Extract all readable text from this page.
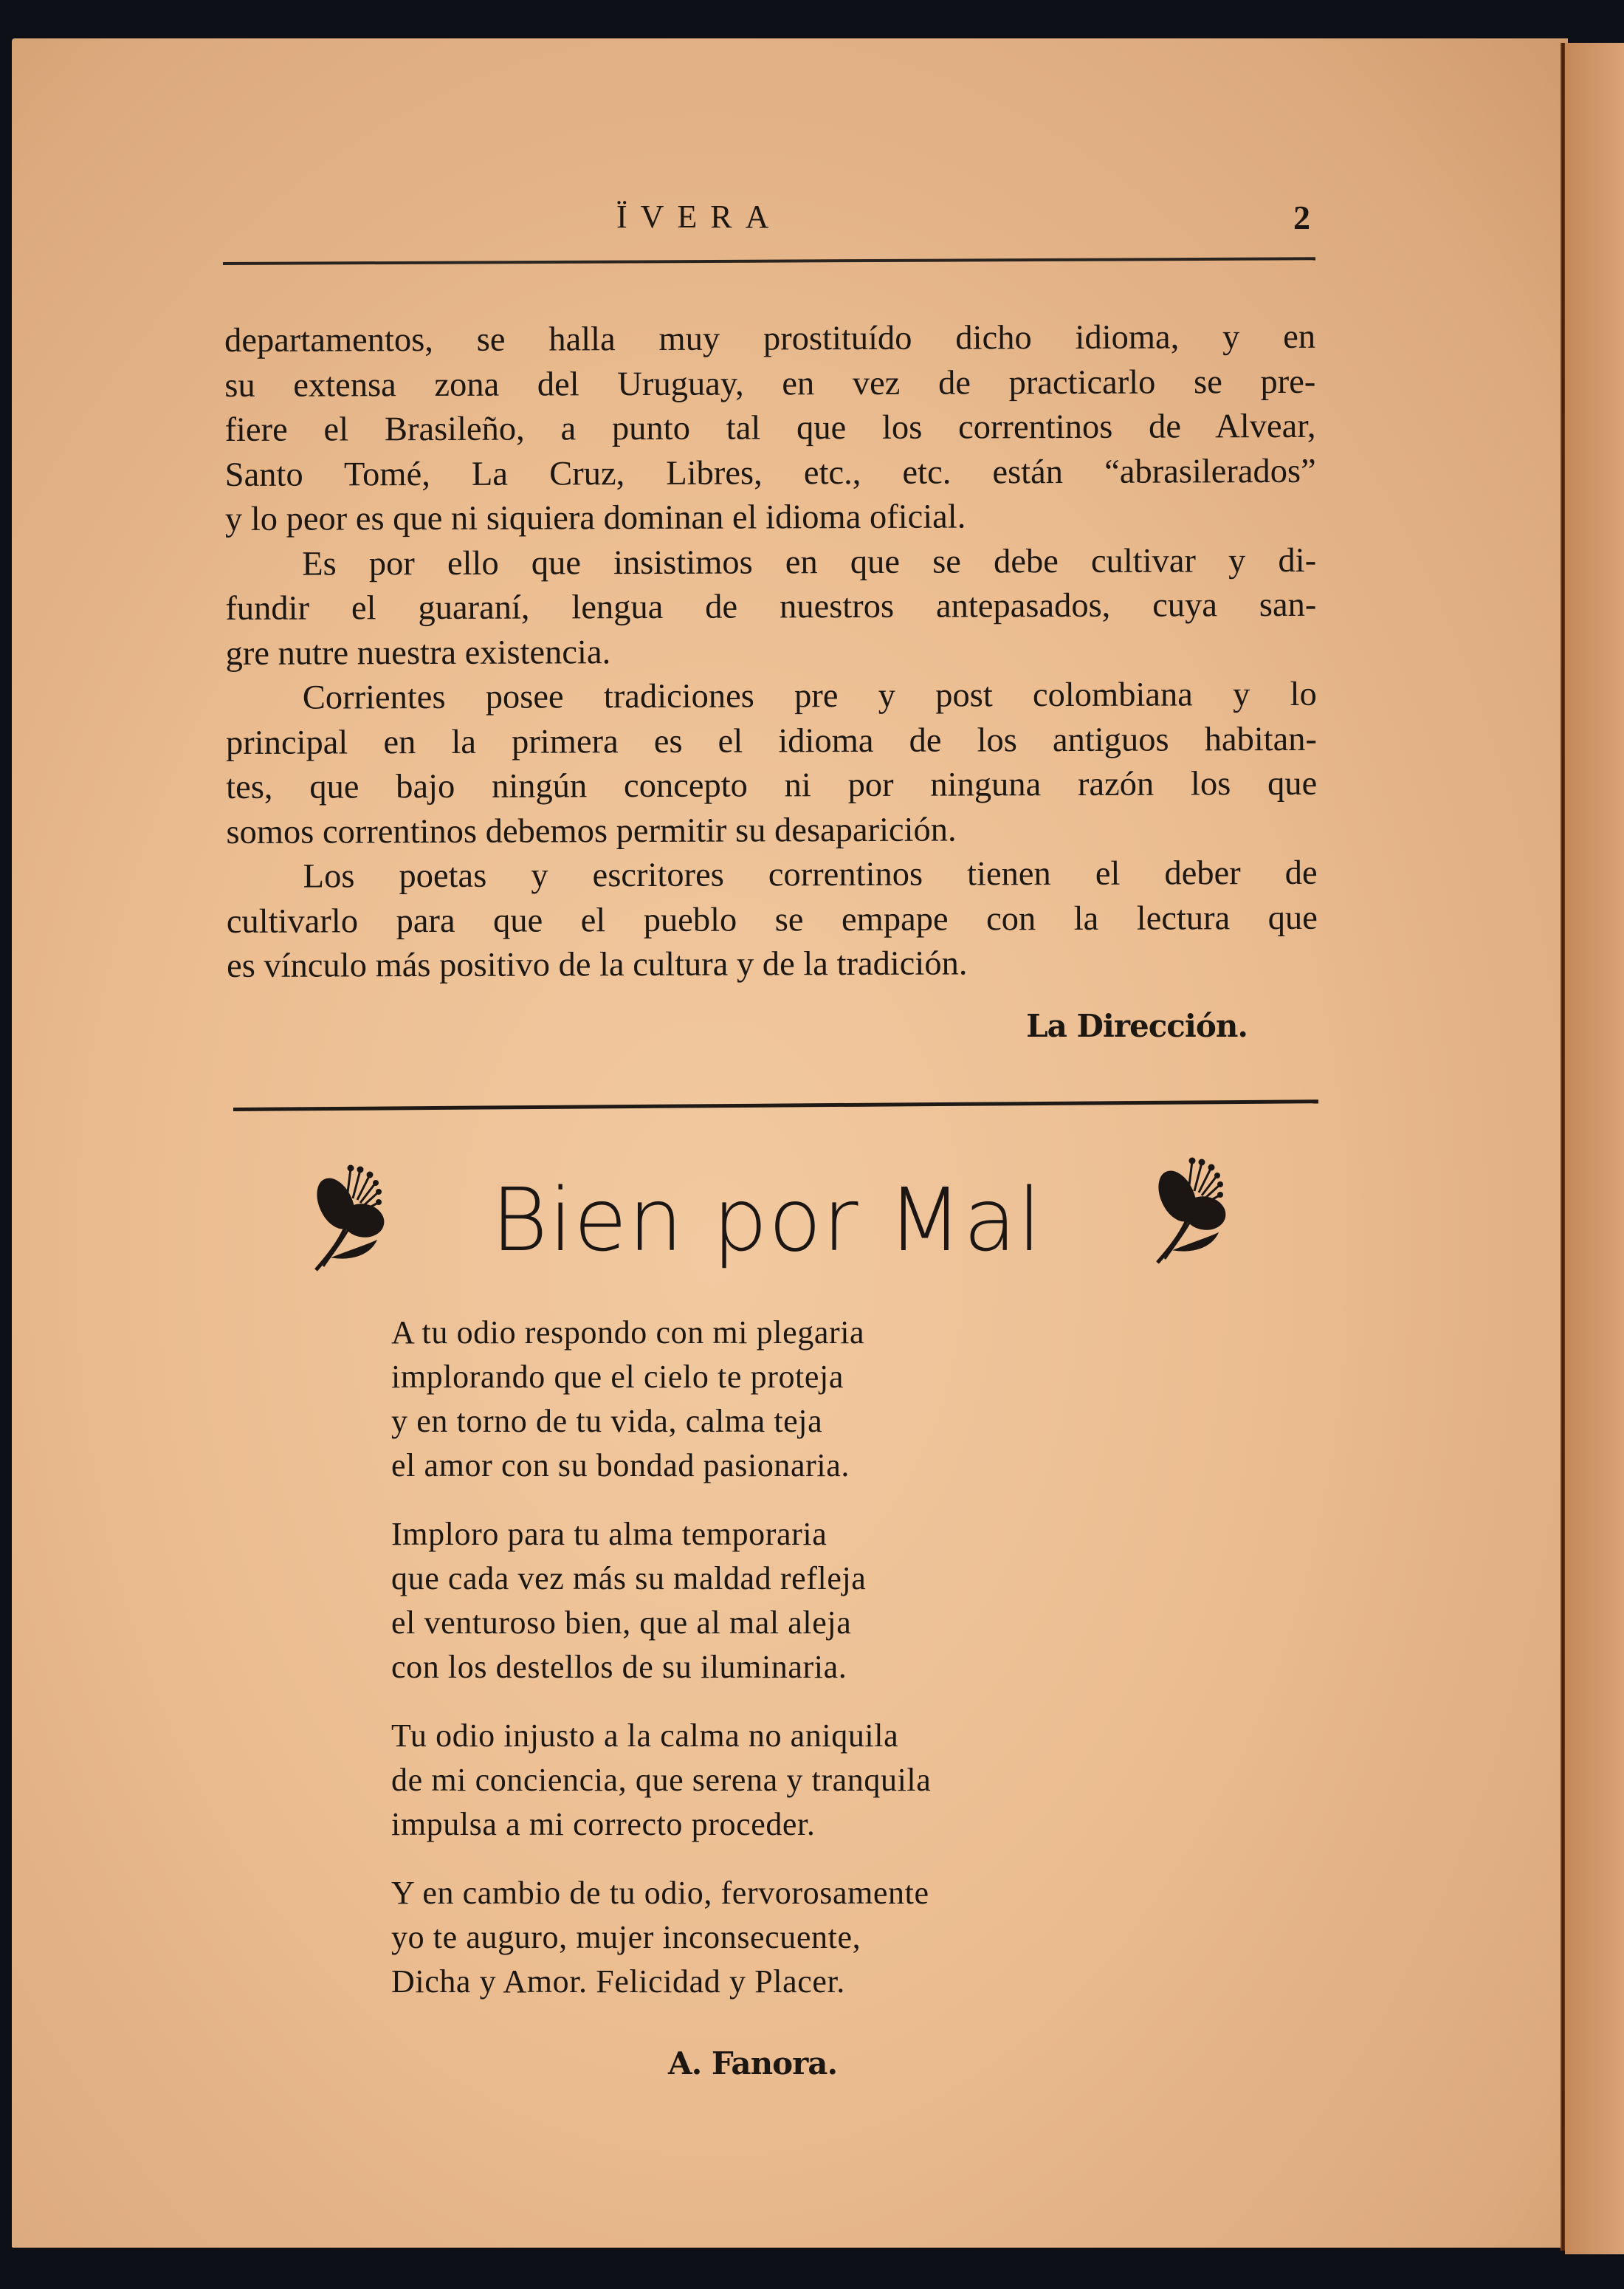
ÏVERA	2
departamentos, se halla muy prostituído dicho idioma, y en
su extensa zona del Uruguay, en vez de practicarlo se pre-
fiere el Brasileño, a punto tal que los correntinos de Alvear,
Santo Tomé, La Cruz, Libres, etc., etc. están “abrasilerados”
y lo peor es que ni siquiera dominan el idioma oficial.
Es por ello que insistimos en que se debe cultivar y di-
fundir el guaraní, lengua de nuestros antepasados, cuya san-
gre nutre nuestra existencia.
Corrientes posee tradiciones pre y post colombiana y lo
principal en la primera es el idioma de los antiguos habitan-
tes, que bajo ningún concepto ni por ninguna razón los que
somos correntinos debemos permitir su desaparición.
Los poetas y escritores correntinos tienen el deber de
cultivarlo para que el pueblo se empape con la lectura que
es vínculo más positivo de la cultura y de la tradición.
La Dirección.
Bien por Mal
A tu odio respondo con mi plegaria
implorando que el cielo te proteja
y en torno de tu vida, calma teja
el amor con su bondad pasionaria.
Imploro para tu alma temporaria
que cada vez más su maldad refleja
el venturoso bien, que al mal aleja
con los destellos de su iluminaria.
Tu odio injusto a la calma no aniquila
de mi conciencia, que serena y tranquila
impulsa a mi correcto proceder.
Y en cambio de tu odio, fervorosamente
yo te auguro, mujer inconsecuente,
Dicha y Amor. Felicidad y Placer.
A. Fanora.
